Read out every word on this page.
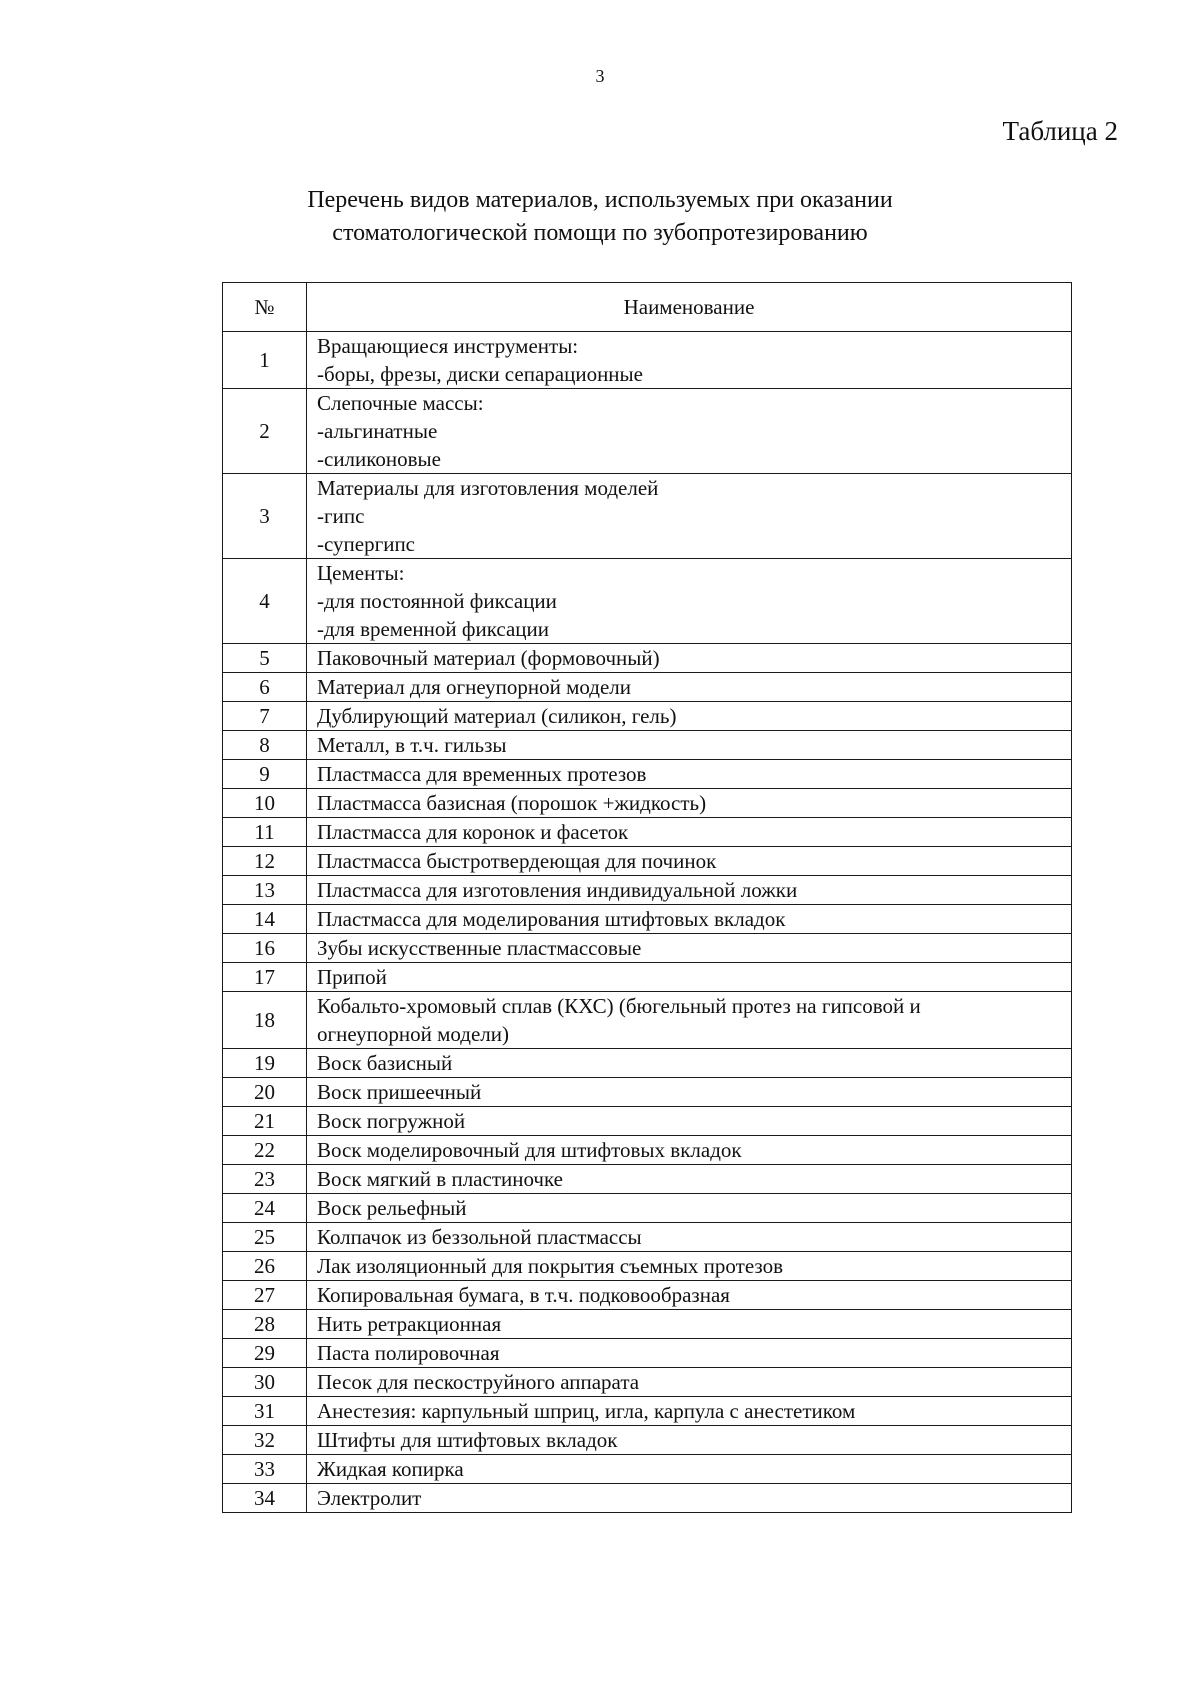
3
Таблица 2
Перечень видов материалов, используемых при оказании
стоматологической помощи по зубопротезированию
№	Наименование
1	Вращающиеся инструменты:
-боры, фрезы, диски сепарационные

2	Слепочные массы:
-альгинатные
-силиконовые

3	Материалы для изготовления моделей
-гипс
-супергипс

4	Цементы:
-для постоянной фиксации
-для временной фиксации

5	Паковочный материал (формовочный)

6	Материал для огнеупорной модели

7	Дублирующий материал (силикон, гель)

8	Металл, в т.ч. гильзы

9	Пластмасса для временных протезов

10	Пластмасса базисная (порошок +жидкость)

11	Пластмасса для коронок и фасеток

12	Пластмасса быстротвердеющая для починок

13	Пластмасса для изготовления индивидуальной ложки

14	Пластмасса для моделирования штифтовых вкладок

16	Зубы искусственные пластмассовые

17	Припой

18	Кобальто-хромовый сплав (КХС) (бюгельный протез на гипсовой и
огнеупорной модели)

19	Воск базисный

20	Воск пришеечный

21	Воск погружной

22	Воск моделировочный для штифтовых вкладок

23	Воск мягкий в пластиночке

24	Воск рельефный

25	Колпачок из беззольной пластмассы

26	Лак изоляционный для покрытия съемных протезов

27	Копировальная бумага, в т.ч. подковообразная

28	Нить ретракционная

29	Паста полировочная

30	Песок для пескоструйного аппарата

31	Анестезия: карпульный шприц, игла, карпула с анестетиком

32	Штифты для штифтовых вкладок

33	Жидкая копирка

34	Электролит
